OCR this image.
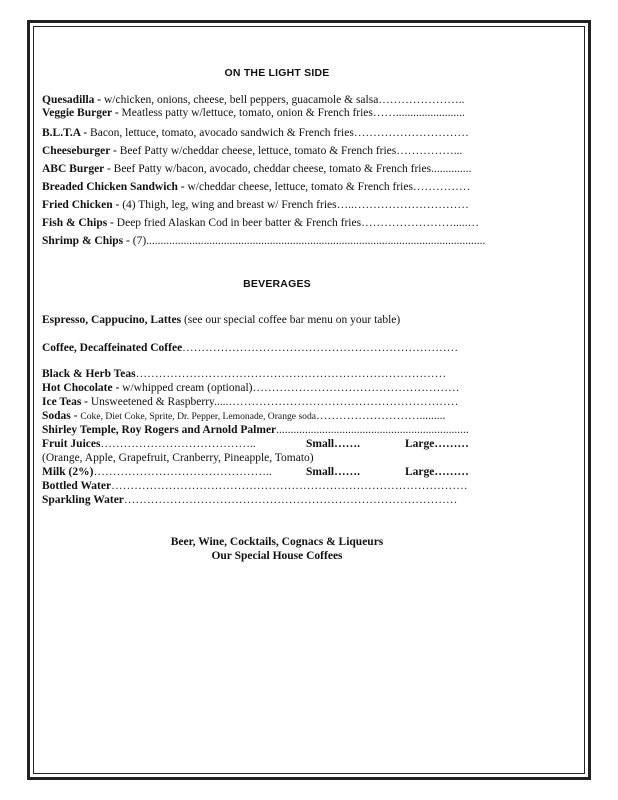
ON THE LIGHT SIDE
Quesadilla - w/chicken, onions, cheese, bell peppers, guacamole & salsa…………………..
Veggie Burger - Meatless patty w/lettuce, tomato, onion & French fries……........................
B.L.T.A - Bacon, lettuce, tomato, avocado sandwich & French fries…………………………
Cheeseburger - Beef Patty w/cheddar cheese, lettuce, tomato & French fries……………...
ABC Burger - Beef Patty w/bacon, avocado, cheddar cheese, tomato & French fries..............
Breaded Chicken Sandwich - w/cheddar cheese, lettuce, tomato & French fries……………
Fried Chicken - (4) Thigh, leg, wing and breast w/ French fries…..…………………………
Fish & Chips - Deep fried Alaskan Cod in beer batter & French fries…………………….....…
Shrimp & Chips - (7)......................................................................................................................
BEVERAGES
Espresso, Cappucino, Lattes (see our special coffee bar menu on your table)
Coffee, Decaffeinated Coffee………………………………………………………………
Black & Herb Teas………………………………………………………………………
Hot Chocolate - w/whipped cream (optional)………………………………………………
Ice Teas - Unsweetened & Raspberry.....……………………………………………………
Sodas - Coke, Diet Coke, Sprite, Dr. Pepper, Lemonade, Orange soda……………………….........
Shirley Temple, Roy Rogers and Arnold Palmer...................................................................
Fruit Juices…………………………………..	Small…….	Large………
(Orange, Apple, Grapefruit, Cranberry, Pineapple, Tomato)
Milk (2%)………………………………………..	Small…….	Large………
Bottled Water…………………………………………………………………………………
Sparkling Water……………………………………………………………………………
Beer, Wine, Cocktails, Cognacs & Liqueurs
Our Special House Coffees
